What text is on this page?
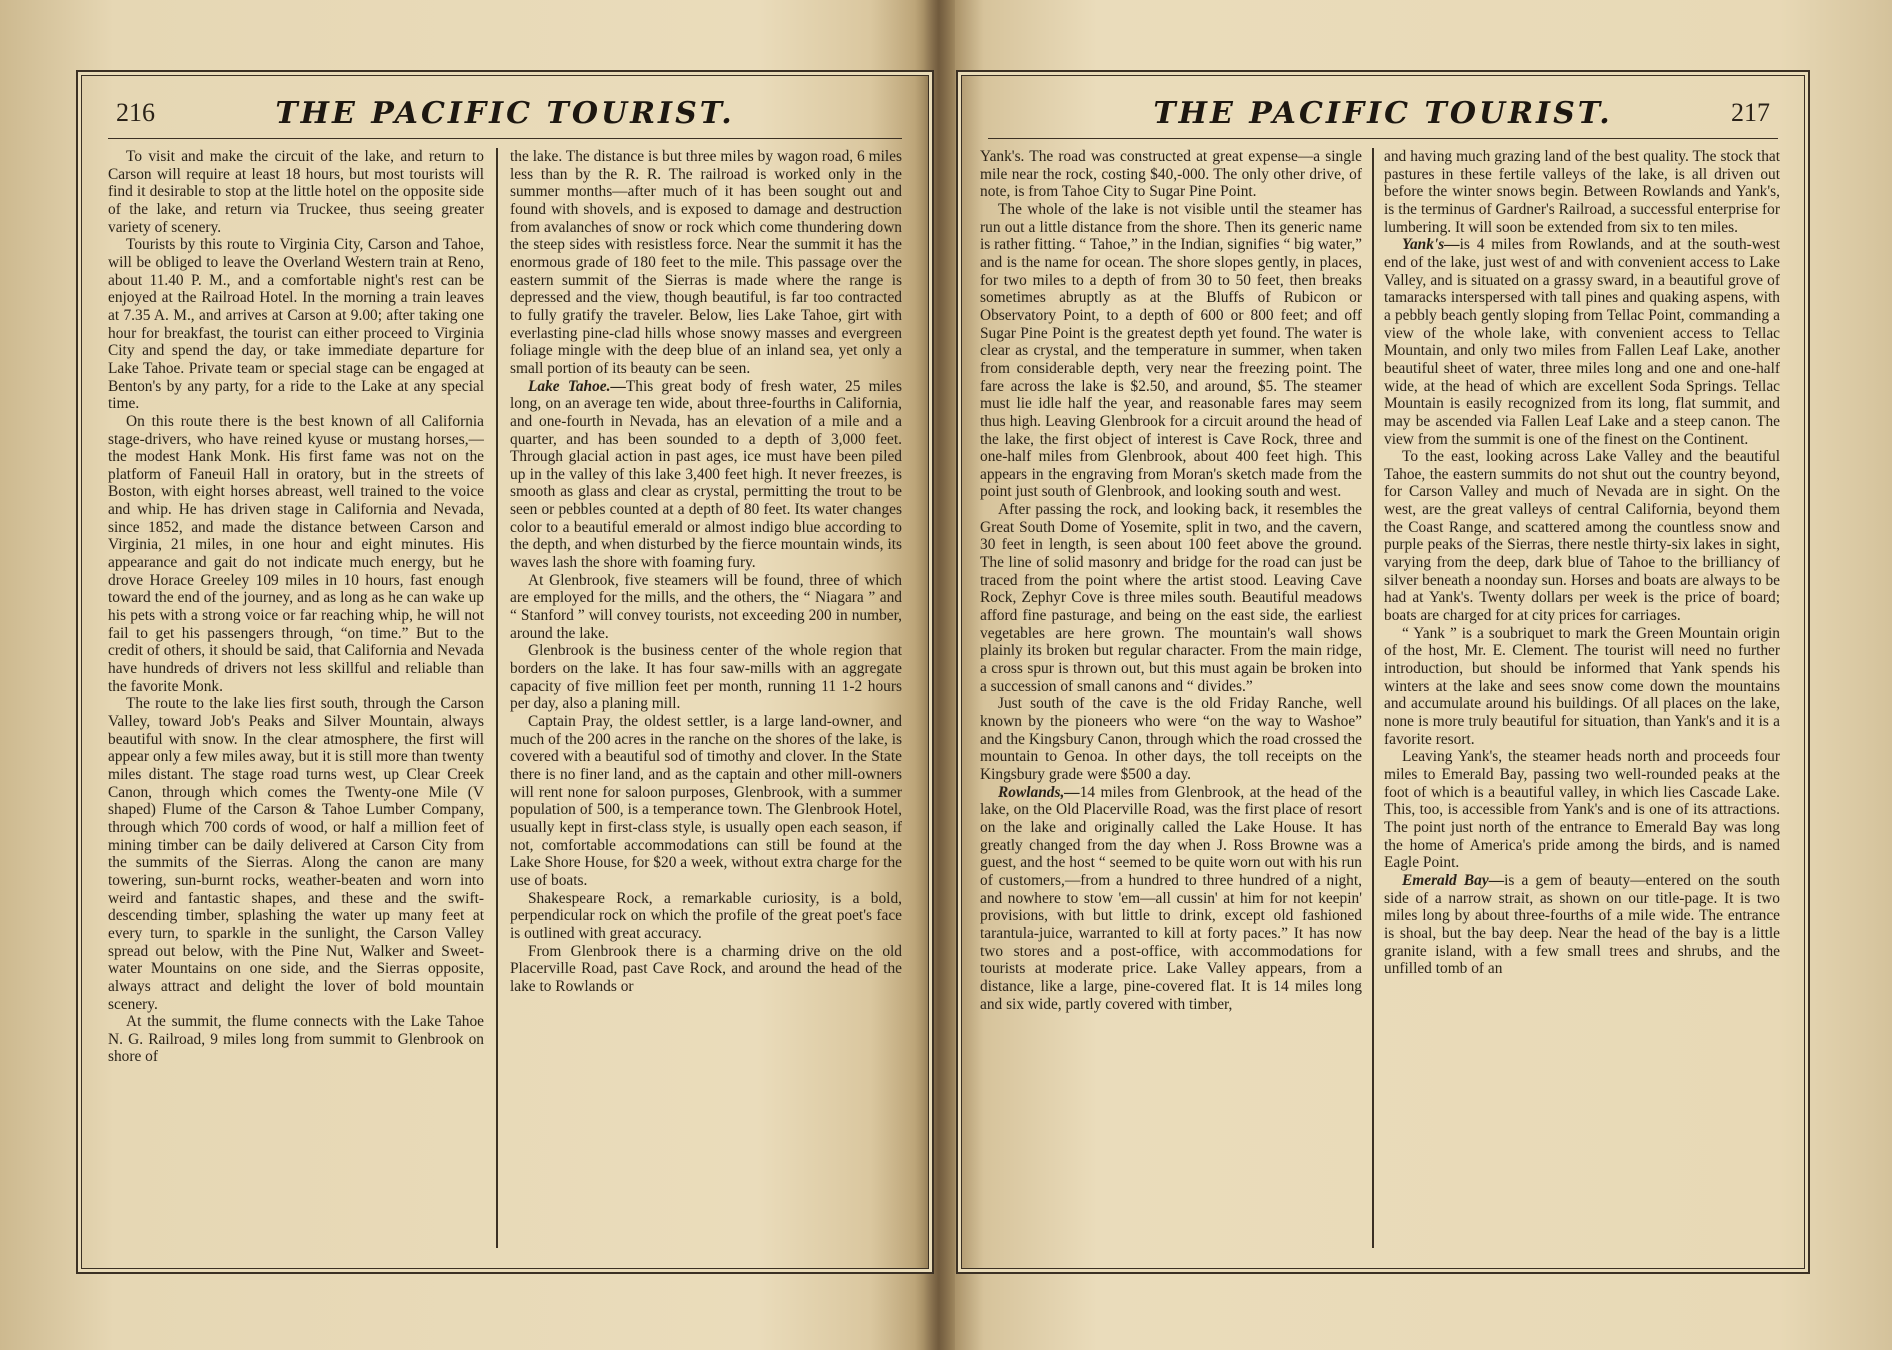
216	THE PACIFIC TOURIST.

To visit and make the circuit of the lake, and return to Carson will require at least 18 hours, but most tourists will find it desirable to stop at the little hotel on the opposite side of the lake, and return via Truckee, thus seeing greater variety of scenery.

Tourists by this route to Virginia City, Carson and Tahoe, will be obliged to leave the Overland Western train at Reno, about 11.40 P. M., and a comfortable night's rest can be enjoyed at the Railroad Hotel. In the morning a train leaves at 7.35 A. M., and arrives at Carson at 9.00; after taking one hour for breakfast, the tourist can either proceed to Virginia City and spend the day, or take immediate departure for Lake Tahoe. Private team or special stage can be engaged at Benton's by any party, for a ride to the Lake at any special time.

On this route there is the best known of all California stage-drivers, who have reined kyuse or mustang horses,—the modest Hank Monk. His first fame was not on the platform of Faneuil Hall in oratory, but in the streets of Boston, with eight horses abreast, well trained to the voice and whip. He has driven stage in California and Nevada, since 1852, and made the distance between Carson and Virginia, 21 miles, in one hour and eight minutes. His appearance and gait do not indicate much energy, but he drove Horace Greeley 109 miles in 10 hours, fast enough toward the end of the journey, and as long as he can wake up his pets with a strong voice or far reaching whip, he will not fail to get his passengers through, “on time.” But to the credit of others, it should be said, that California and Nevada have hundreds of drivers not less skillful and reliable than the favorite Monk.

The route to the lake lies first south, through the Carson Valley, toward Job's Peaks and Silver Mountain, always beautiful with snow. In the clear atmosphere, the first will appear only a few miles away, but it is still more than twenty miles distant. The stage road turns west, up Clear Creek Canon, through which comes the Twenty-one Mile (V shaped) Flume of the Carson & Tahoe Lumber Company, through which 700 cords of wood, or half a million feet of mining timber can be daily delivered at Carson City from the summits of the Sierras. Along the canon are many towering, sun-burnt rocks, weather-beaten and worn into weird and fantastic shapes, and these and the swift-descending timber, splashing the water up many feet at every turn, to sparkle in the sunlight, the Carson Valley spread out below, with the Pine Nut, Walker and Sweet-water Mountains on one side, and the Sierras opposite, always attract and delight the lover of bold mountain scenery.

At the summit, the flume connects with the Lake Tahoe N. G. Railroad, 9 miles long from summit to Glenbrook on shore of

the lake. The distance is but three miles by wagon road, 6 miles less than by the R. R. The railroad is worked only in the summer months—after much of it has been sought out and found with shovels, and is exposed to damage and destruction from avalanches of snow or rock which come thundering down the steep sides with resistless force. Near the summit it has the enormous grade of 180 feet to the mile. This passage over the eastern summit of the Sierras is made where the range is depressed and the view, though beautiful, is far too contracted to fully gratify the traveler. Below, lies Lake Tahoe, girt with everlasting pine-clad hills whose snowy masses and evergreen foliage mingle with the deep blue of an inland sea, yet only a small portion of its beauty can be seen.

Lake Tahoe.—This great body of fresh water, 25 miles long, on an average ten wide, about three-fourths in California, and one-fourth in Nevada, has an elevation of a mile and a quarter, and has been sounded to a depth of 3,000 feet. Through glacial action in past ages, ice must have been piled up in the valley of this lake 3,400 feet high. It never freezes, is smooth as glass and clear as crystal, permitting the trout to be seen or pebbles counted at a depth of 80 feet. Its water changes color to a beautiful emerald or almost indigo blue according to the depth, and when disturbed by the fierce mountain winds, its waves lash the shore with foaming fury.

At Glenbrook, five steamers will be found, three of which are employed for the mills, and the others, the “ Niagara ” and “ Stanford ” will convey tourists, not exceeding 200 in number, around the lake.

Glenbrook is the business center of the whole region that borders on the lake. It has four saw-mills with an aggregate capacity of five million feet per month, running 11 1-2 hours per day, also a planing mill.

Captain Pray, the oldest settler, is a large land-owner, and much of the 200 acres in the ranche on the shores of the lake, is covered with a beautiful sod of timothy and clover. In the State there is no finer land, and as the captain and other mill-owners will rent none for saloon purposes, Glenbrook, with a summer population of 500, is a temperance town. The Glenbrook Hotel, usually kept in first-class style, is usually open each season, if not, comfortable accommodations can still be found at the Lake Shore House, for $20 a week, without extra charge for the use of boats.

Shakespeare Rock, a remarkable curiosity, is a bold, perpendicular rock on which the profile of the great poet's face is outlined with great accuracy.

From Glenbrook there is a charming drive on the old Placerville Road, past Cave Rock, and around the head of the lake to Rowlands or

THE PACIFIC TOURIST.	217

Yank's. The road was constructed at great expense—a single mile near the rock, costing $40,-000. The only other drive, of note, is from Tahoe City to Sugar Pine Point.

The whole of the lake is not visible until the steamer has run out a little distance from the shore. Then its generic name is rather fitting. “ Tahoe,” in the Indian, signifies “ big water,” and is the name for ocean. The shore slopes gently, in places, for two miles to a depth of from 30 to 50 feet, then breaks sometimes abruptly as at the Bluffs of Rubicon or Observatory Point, to a depth of 600 or 800 feet; and off Sugar Pine Point is the greatest depth yet found. The water is clear as crystal, and the temperature in summer, when taken from considerable depth, very near the freezing point. The fare across the lake is $2.50, and around, $5. The steamer must lie idle half the year, and reasonable fares may seem thus high. Leaving Glenbrook for a circuit around the head of the lake, the first object of interest is Cave Rock, three and one-half miles from Glenbrook, about 400 feet high. This appears in the engraving from Moran's sketch made from the point just south of Glenbrook, and looking south and west.

After passing the rock, and looking back, it resembles the Great South Dome of Yosemite, split in two, and the cavern, 30 feet in length, is seen about 100 feet above the ground. The line of solid masonry and bridge for the road can just be traced from the point where the artist stood. Leaving Cave Rock, Zephyr Cove is three miles south. Beautiful meadows afford fine pasturage, and being on the east side, the earliest vegetables are here grown. The mountain's wall shows plainly its broken but regular character. From the main ridge, a cross spur is thrown out, but this must again be broken into a succession of small canons and “ divides.”

Just south of the cave is the old Friday Ranche, well known by the pioneers who were “on the way to Washoe” and the Kingsbury Canon, through which the road crossed the mountain to Genoa. In other days, the toll receipts on the Kingsbury grade were $500 a day.

Rowlands,—14 miles from Glenbrook, at the head of the lake, on the Old Placerville Road, was the first place of resort on the lake and originally called the Lake House. It has greatly changed from the day when J. Ross Browne was a guest, and the host “ seemed to be quite worn out with his run of customers,—from a hundred to three hundred of a night, and nowhere to stow 'em—all cussin' at him for not keepin' provisions, with but little to drink, except old fashioned tarantula-juice, warranted to kill at forty paces.” It has now two stores and a post-office, with accommodations for tourists at moderate price. Lake Valley appears, from a distance, like a large, pine-covered flat. It is 14 miles long and six wide, partly covered with timber,

and having much grazing land of the best quality. The stock that pastures in these fertile valleys of the lake, is all driven out before the winter snows begin. Between Rowlands and Yank's, is the terminus of Gardner's Railroad, a successful enterprise for lumbering. It will soon be extended from six to ten miles.

Yank's—is 4 miles from Rowlands, and at the south-west end of the lake, just west of and with convenient access to Lake Valley, and is situated on a grassy sward, in a beautiful grove of tamaracks interspersed with tall pines and quaking aspens, with a pebbly beach gently sloping from Tellac Point, commanding a view of the whole lake, with convenient access to Tellac Mountain, and only two miles from Fallen Leaf Lake, another beautiful sheet of water, three miles long and one and one-half wide, at the head of which are excellent Soda Springs. Tellac Mountain is easily recognized from its long, flat summit, and may be ascended via Fallen Leaf Lake and a steep canon. The view from the summit is one of the finest on the Continent.

To the east, looking across Lake Valley and the beautiful Tahoe, the eastern summits do not shut out the country beyond, for Carson Valley and much of Nevada are in sight. On the west, are the great valleys of central California, beyond them the Coast Range, and scattered among the countless snow and purple peaks of the Sierras, there nestle thirty-six lakes in sight, varying from the deep, dark blue of Tahoe to the brilliancy of silver beneath a noonday sun. Horses and boats are always to be had at Yank's. Twenty dollars per week is the price of board; boats are charged for at city prices for carriages.

“ Yank ” is a soubriquet to mark the Green Mountain origin of the host, Mr. E. Clement. The tourist will need no further introduction, but should be informed that Yank spends his winters at the lake and sees snow come down the mountains and accumulate around his buildings. Of all places on the lake, none is more truly beautiful for situation, than Yank's and it is a favorite resort.

Leaving Yank's, the steamer heads north and proceeds four miles to Emerald Bay, passing two well-rounded peaks at the foot of which is a beautiful valley, in which lies Cascade Lake. This, too, is accessible from Yank's and is one of its attractions. The point just north of the entrance to Emerald Bay was long the home of America's pride among the birds, and is named Eagle Point.

Emerald Bay—is a gem of beauty—entered on the south side of a narrow strait, as shown on our title-page. It is two miles long by about three-fourths of a mile wide. The entrance is shoal, but the bay deep. Near the head of the bay is a little granite island, with a few small trees and shrubs, and the unfilled tomb of an
